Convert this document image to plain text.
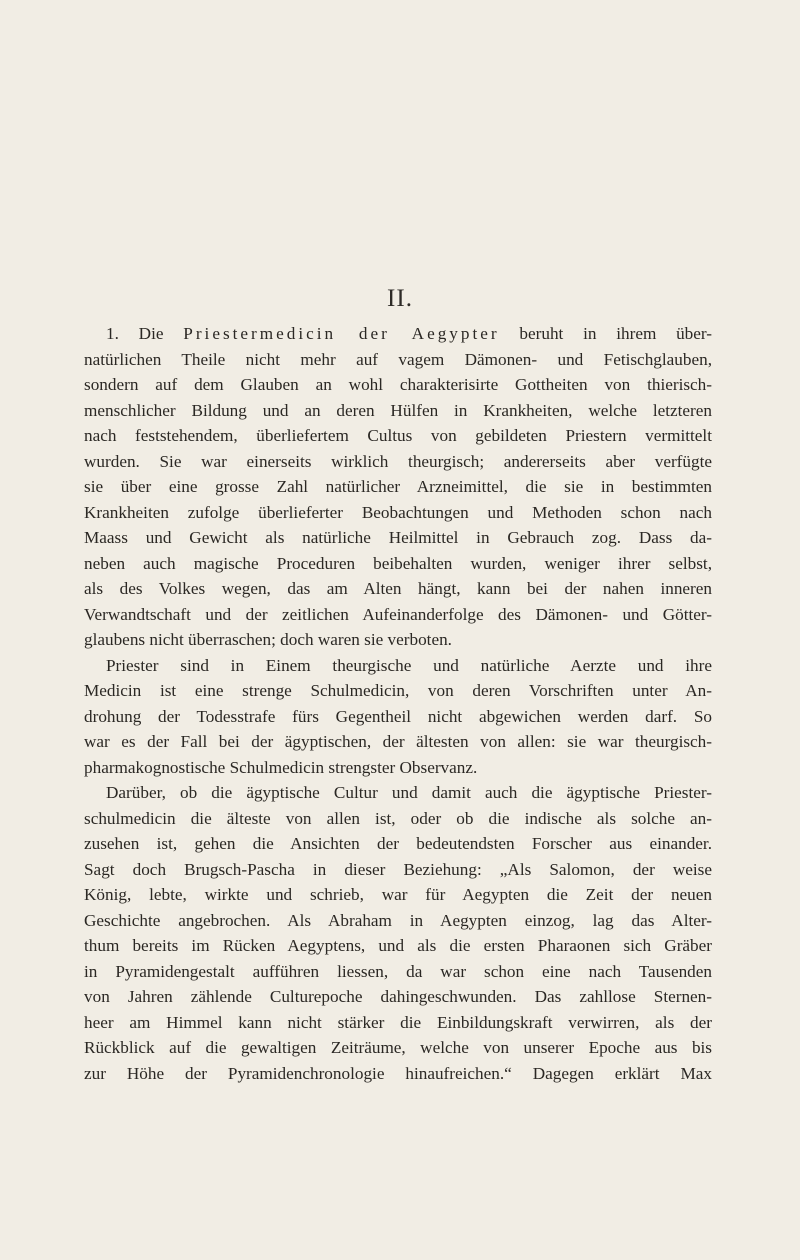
II.
1. Die Priestermedicin der Aegypter beruht in ihrem über-
natürlichen Theile nicht mehr auf vagem Dämonen- und Fetischglauben,
sondern auf dem Glauben an wohl charakterisirte Gottheiten von thierisch-
menschlicher Bildung und an deren Hülfen in Krankheiten, welche letzteren
nach feststehendem, überliefertem Cultus von gebildeten Priestern vermittelt
wurden. Sie war einerseits wirklich theurgisch; andererseits aber verfügte
sie über eine grosse Zahl natürlicher Arzneimittel, die sie in bestimmten
Krankheiten zufolge überlieferter Beobachtungen und Methoden schon nach
Maass und Gewicht als natürliche Heilmittel in Gebrauch zog. Dass da-
neben auch magische Proceduren beibehalten wurden, weniger ihrer selbst,
als des Volkes wegen, das am Alten hängt, kann bei der nahen inneren
Verwandtschaft und der zeitlichen Aufeinanderfolge des Dämonen- und Götter-
glaubens nicht überraschen; doch waren sie verboten.
Priester sind in Einem theurgische und natürliche Aerzte und ihre
Medicin ist eine strenge Schulmedicin, von deren Vorschriften unter An-
drohung der Todesstrafe fürs Gegentheil nicht abgewichen werden darf. So
war es der Fall bei der ägyptischen, der ältesten von allen: sie war theurgisch-
pharmakognostische Schulmedicin strengster Observanz.
Darüber, ob die ägyptische Cultur und damit auch die ägyptische Priester-
schulmedicin die älteste von allen ist, oder ob die indische als solche an-
zusehen ist, gehen die Ansichten der bedeutendsten Forscher aus einander.
Sagt doch Brugsch-Pascha in dieser Beziehung: „Als Salomon, der weise
König, lebte, wirkte und schrieb, war für Aegypten die Zeit der neuen
Geschichte angebrochen. Als Abraham in Aegypten einzog, lag das Alter-
thum bereits im Rücken Aegyptens, und als die ersten Pharaonen sich Gräber
in Pyramidengestalt aufführen liessen, da war schon eine nach Tausenden
von Jahren zählende Culturepoche dahingeschwunden. Das zahllose Sternen-
heer am Himmel kann nicht stärker die Einbildungskraft verwirren, als der
Rückblick auf die gewaltigen Zeiträume, welche von unserer Epoche aus bis
zur Höhe der Pyramidenchronologie hinaufreichen.“ Dagegen erklärt Max
